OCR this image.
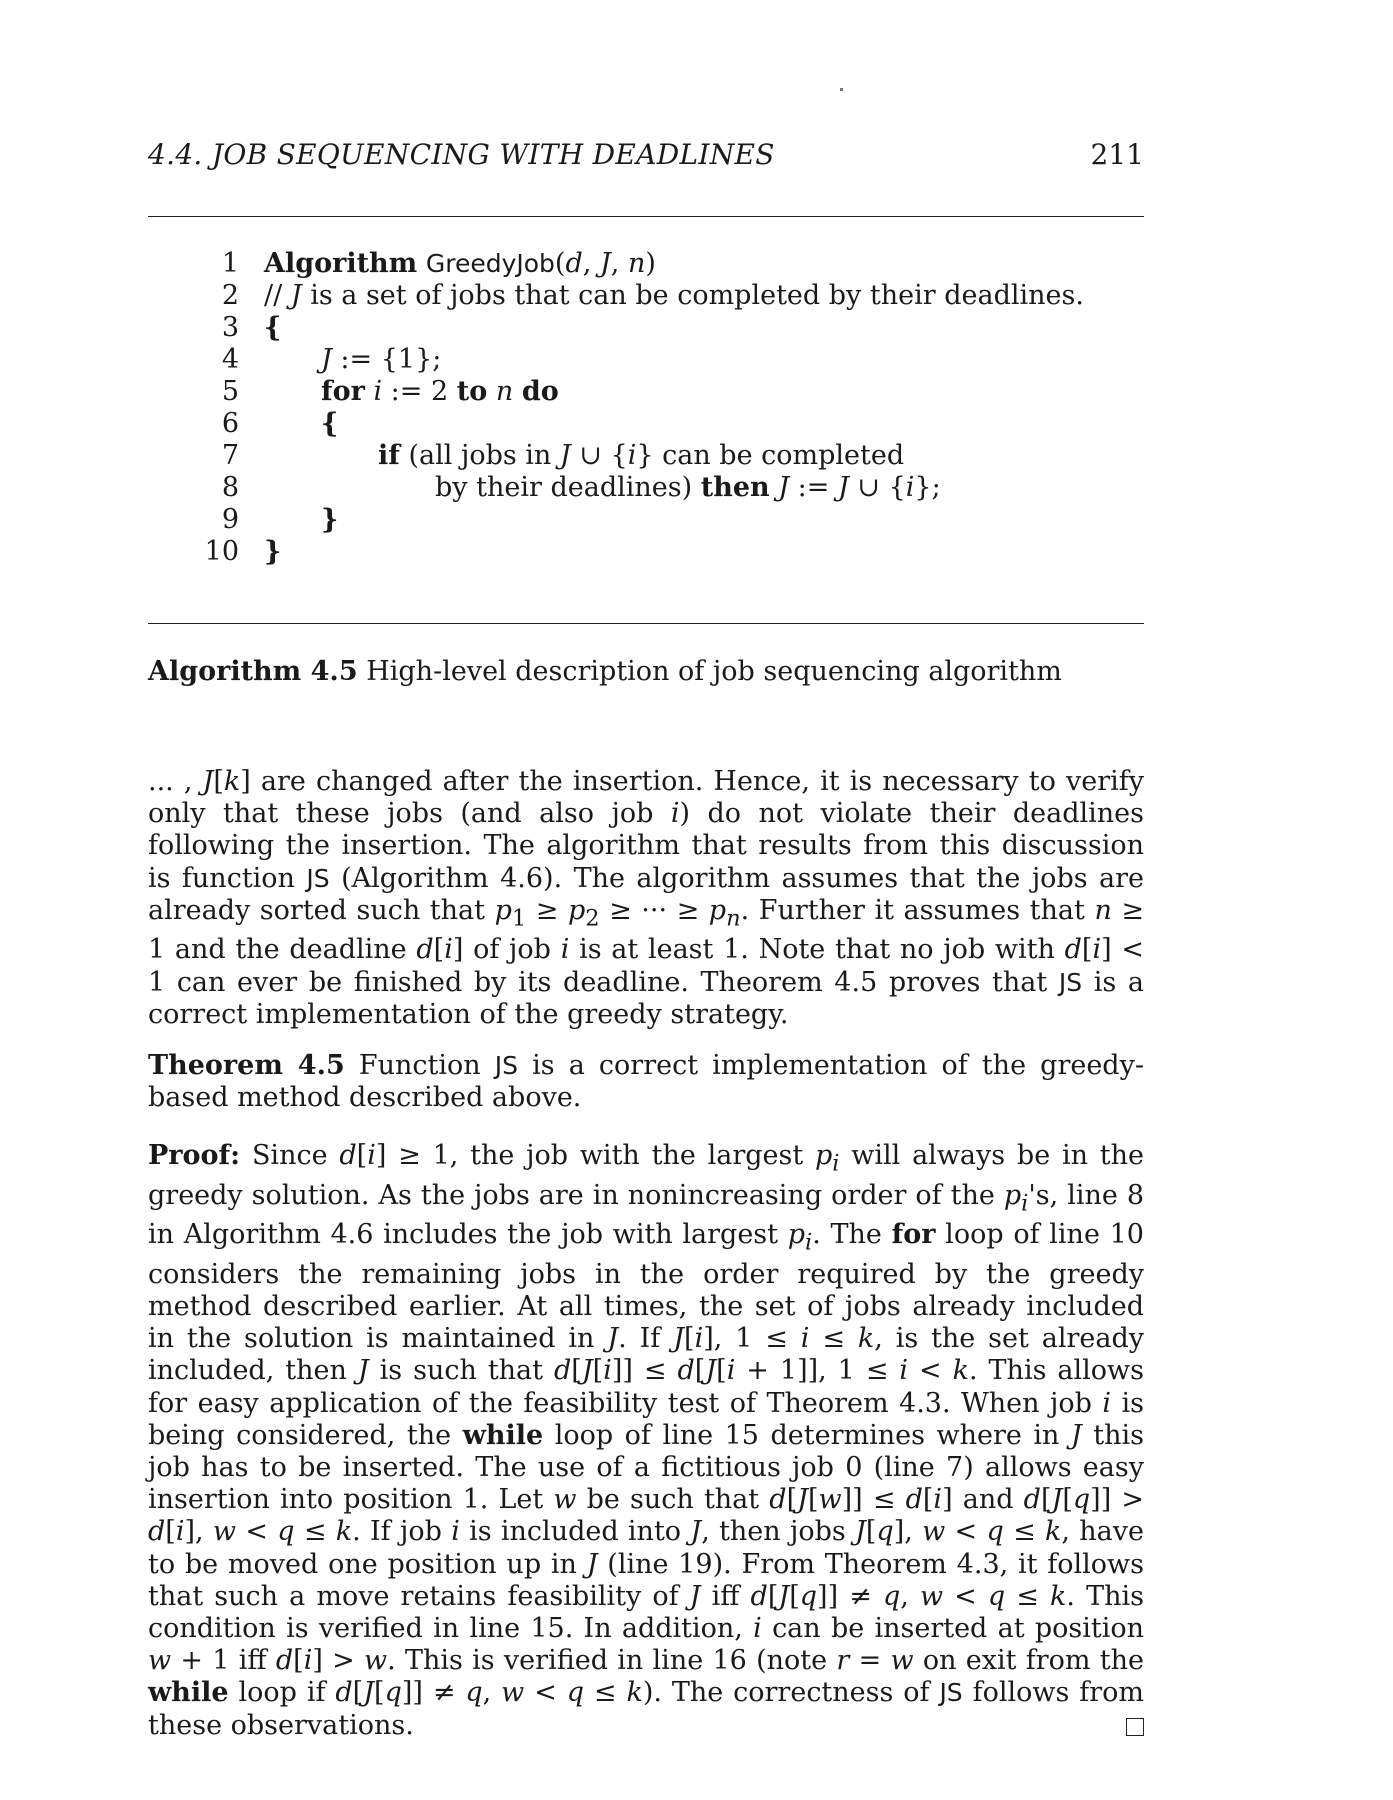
4.4. JOB SEQUENCING WITH DEADLINES	211
1 Algorithm GreedyJob(d, J, n)
2 // J is a set of jobs that can be completed by their deadlines.
3 {
4	J := {1};
5	for i := 2 to n do
6	{
7	if (all jobs in J ∪ {i} can be completed
8	by their deadlines) then J := J ∪ {i};
9	}
10 }
Algorithm 4.5 High-level description of job sequencing algorithm
... , J[k] are changed after the insertion. Hence, it is necessary to verify only that these jobs (and also job i) do not violate their deadlines following the insertion. The algorithm that results from this discussion is function JS (Algorithm 4.6). The algorithm assumes that the jobs are already sorted such that $p_1 \ge p_2$ ≥ ··· ≥ $p_n$. Further it assumes that n ≥ 1 and the deadline d[i] of job i is at least 1. Note that no job with d[i] < 1 can ever be finished by its deadline. Theorem 4.5 proves that JS is a correct implementation of the greedy strategy.
Theorem 4.5 Function JS is a correct implementation of the greedy-based method described above.
Proof: Since d[i] ≥ 1, the job with the largest $p_i$ will always be in the greedy solution. As the jobs are in nonincreasing order of the $p_i's$, line 8 in Algorithm 4.6 includes the job with largest $p_i$. The for loop of line 10 considers the remaining jobs in the order required by the greedy method described earlier. At all times, the set of jobs already included in the solution is maintained in J. If J[i], 1 ≤ i ≤ k, is the set already included, then J is such that d[J[i]] ≤ d[J[i + 1]], 1 ≤ i < k. This allows for easy application of the feasibility test of Theorem 4.3. When job i is being considered, the while loop of line 15 determines where in J this job has to be inserted. The use of a fictitious job 0 (line 7) allows easy insertion into position 1. Let w be such that d[J[w]] ≤ d[i] and d[J[q]] > d[i], w < q ≤ k. If job i is included into J, then jobs J[q], w < q ≤ k, have to be moved one position up in J (line 19). From Theorem 4.3, it follows that such a move retains feasibility of J iff d[J[q]] ≠ q, w < q ≤ k. This condition is verified in line 15. In addition, i can be inserted at position w + 1 iff d[i] > w. This is verified in line 16 (note r = w on exit from the while loop if d[J[q]] ≠ q, w < q ≤ k). The correctness of JS follows from these observations.
